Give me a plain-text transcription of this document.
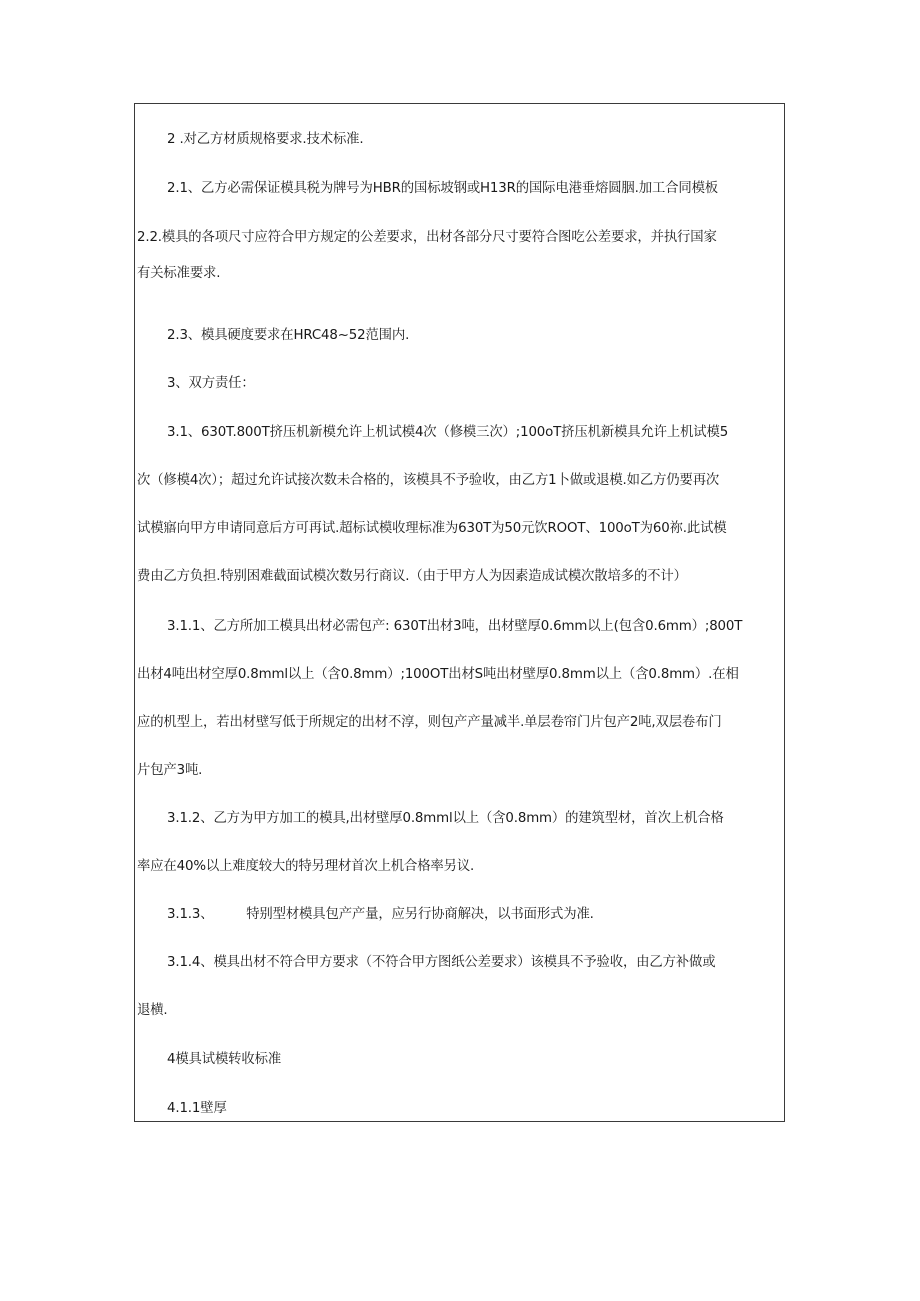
2 .对乙方材质规格要求.技术标准.

2.1、乙方必需保证模具税为牌号为HBR的国标坡钢或H13R的国际电港垂熔圆胭.加工合同模板

2.2.模具的各项尺寸应符合甲方规定的公差要求，出材各部分尺寸要符合图吃公差要求，并执行国家
有关标准要求.

2.3、模具硬度要求在HRC48~52范围内.

3、双方责任：

3.1、630T.800T挤压机新模允许上机试模4次（修模三次）;100oT挤压机新模具允许上机试模5
次（修模4次）；超过允许试接次数未合格的，该模具不予验收，由乙方1卜做或退模.如乙方仍要再次
试模寤向甲方申请同意后方可再试.超标试模收理标准为630T为50元饮ROOT、100oT为60祢.此试模
费由乙方负担.特别困难截面试模次数另行商议.（由于甲方人为因素造成试模次散培多的不计）

3.1.1、乙方所加工模具出材必需包产: 630T出材3吨，出材壁厚0.6mm以上(包含0.6mm）;800T
出材4吨出材空厚0.8mml以上（含0.8mm）;100OT出材S吨出材壁厚0.8mm以上（含0.8mm）.在相
应的机型上，若出材壁写低于所规定的出材不淳，则包产产量减半.单层卷帘门片包产2吨,双层卷布门
片包产3吨.

3.1.2、乙方为甲方加工的模具,出材壁厚0.8mml以上（含0.8mm）的建筑型材，首次上机合格
率应在40%以上难度较大的特另理材首次上机合格率另议.

3.1.3、        特别型材模具包产产量，应另行协商解决，以书面形式为准.

3.1.4、模具出材不符合甲方要求（不符合甲方图纸公差要求）该模具不予验收，由乙方补做或
退横.

4模具试模转收标准

4.1.1壁厚
